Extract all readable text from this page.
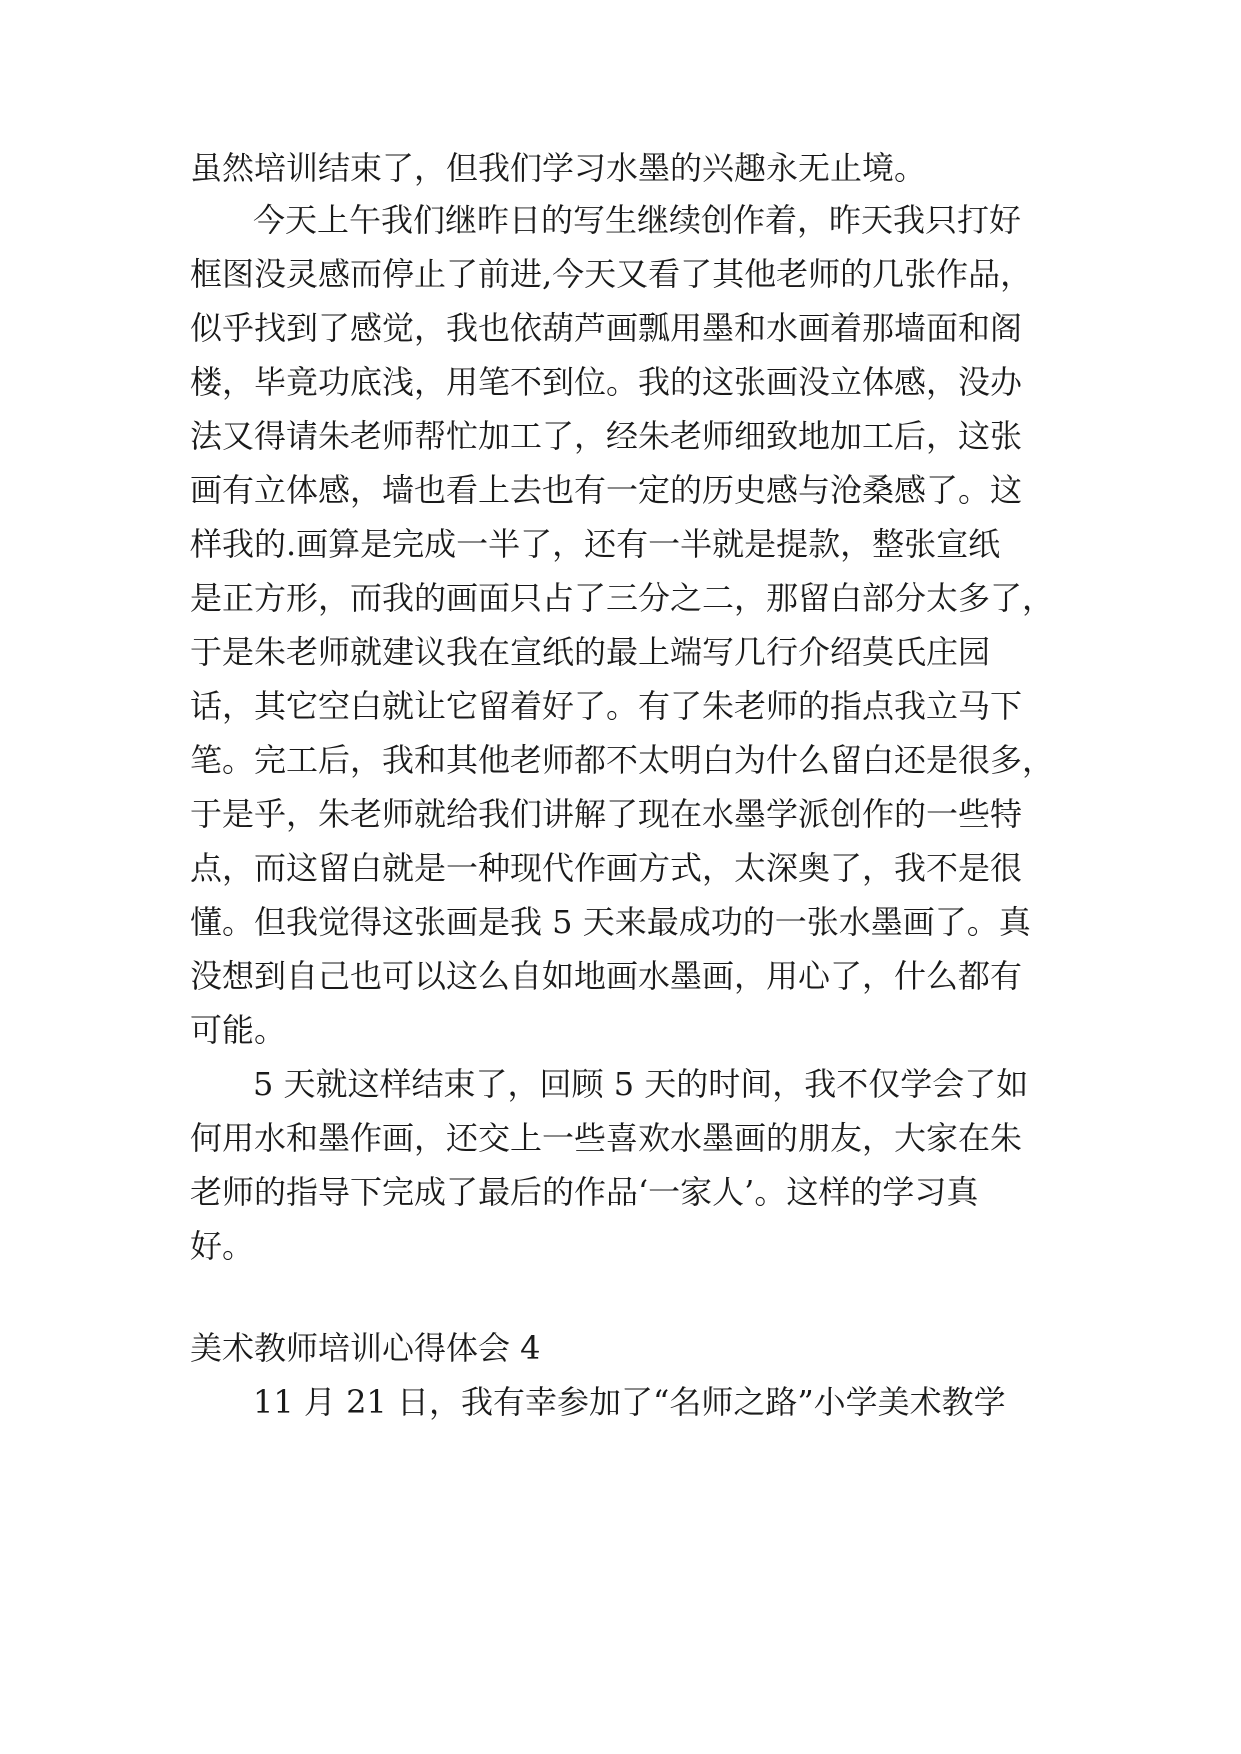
虽然培训结束了，但我们学习水墨的兴趣永无止境。
今天上午我们继昨日的写生继续创作着，昨天我只打好
框图没灵感而停止了前进,今天又看了其他老师的几张作品，
似乎找到了感觉，我也依葫芦画瓢用墨和水画着那墙面和阁
楼，毕竟功底浅，用笔不到位。我的这张画没立体感，没办
法又得请朱老师帮忙加工了，经朱老师细致地加工后，这张
画有立体感，墙也看上去也有一定的历史感与沧桑感了。这
样我的.画算是完成一半了，还有一半就是提款，整张宣纸
是正方形，而我的画面只占了三分之二，那留白部分太多了，
于是朱老师就建议我在宣纸的最上端写几行介绍莫氏庄园
话，其它空白就让它留着好了。有了朱老师的指点我立马下
笔。完工后，我和其他老师都不太明白为什么留白还是很多，
于是乎，朱老师就给我们讲解了现在水墨学派创作的一些特
点，而这留白就是一种现代作画方式，太深奥了，我不是很
懂。但我觉得这张画是我 5 天来最成功的一张水墨画了。真
没想到自己也可以这么自如地画水墨画，用心了，什么都有
可能。
5 天就这样结束了，回顾 5 天的时间，我不仅学会了如
何用水和墨作画，还交上一些喜欢水墨画的朋友，大家在朱
老师的指导下完成了最后的作品‘一家人’。这样的学习真
好。
美术教师培训心得体会 4
11 月 21 日，我有幸参加了“名师之路”小学美术教学
